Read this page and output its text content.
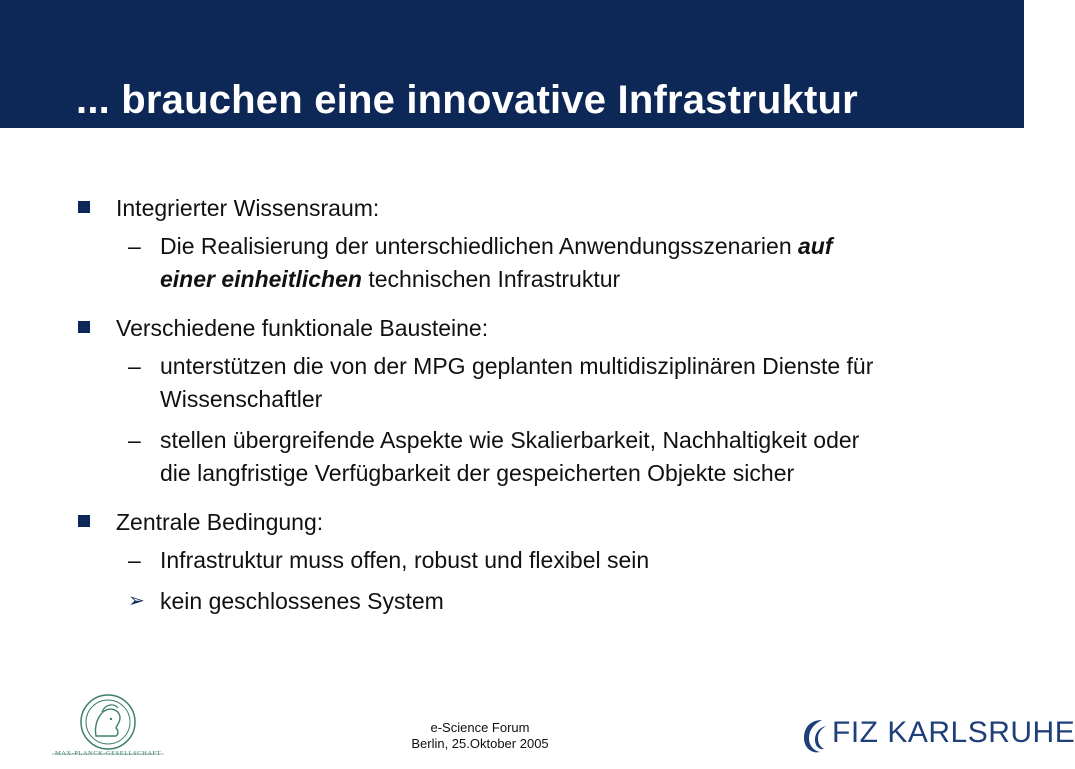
... brauchen eine innovative Infrastruktur
Integrierter Wissensraum:
– Die Realisierung der unterschiedlichen Anwendungsszenarien auf
einer einheitlichen technischen Infrastruktur
Verschiedene funktionale Bausteine:
– unterstützen die von der MPG geplanten multidisziplinären Dienste für
Wissenschaftler
– stellen übergreifende Aspekte wie Skalierbarkeit, Nachhaltigkeit oder
die langfristige Verfügbarkeit der gespeicherten Objekte sicher
Zentrale Bedingung:
– Infrastruktur muss offen, robust und flexibel sein
➢ kein geschlossenes System
MAX-PLANCK-GESELLSCHAFT
e-Science Forum
Berlin, 25.Oktober 2005	FIZ KARLSRUHE
